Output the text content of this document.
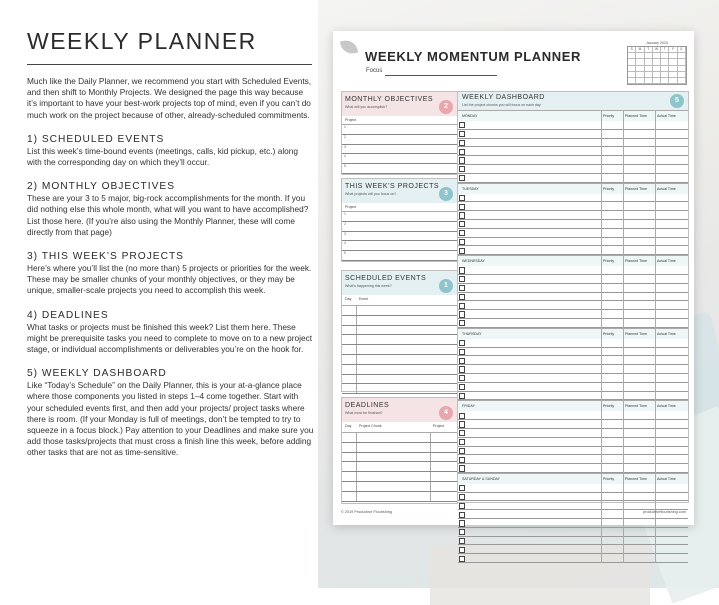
WEEKLY PLANNER

Much like the Daily Planner, we recommend you start with Scheduled Events, and then shift to Monthly Projects. We designed the page this way because it’s important to have your best-work projects top of mind, even if you can’t do much work on the project because of other, already-scheduled commitments.

1) SCHEDULED EVENTS

List this week’s time-bound events (meetings, calls, kid pickup, etc.) along with the corresponding day on which they’ll occur.

2) MONTHLY OBJECTIVES

These are your 3 to 5 major, big-rock accomplishments for the month. If you did nothing else this whole month, what will you want to have accomplished? List those here. (If you’re also using the Monthly Planner, these will come directly from that page)

3) THIS WEEK’S PROJECTS

Here’s where you’ll list the (no more than) 5 projects or priorities for the week. These may be smaller chunks of your monthly objectives, or they may be unique, smaller-scale projects you need to accomplish this week.

4) DEADLINES

What tasks or projects must be finished this week? List them here. These might be prerequisite tasks you need to complete to move on to a new project stage, or individual accomplishments or deliverables you’re on the hook for.

5) WEEKLY DASHBOARD

Like “Today’s Schedule” on the Daily Planner, this is your at-a-glance place where those components you listed in steps 1–4 come together. Start with your scheduled events first, and then add your projects/ project tasks where there is room. (If your Monday is full of meetings, don’t be tempted to try to squeeze in a focus block.) Pay attention to your Deadlines and make sure you add those tasks/projects that must cross a finish line this week, before adding other tasks that are not as time-sensitive.

WEEKLY MOMENTUM PLANNER
Focus
January 2024
S	M	T	W	T	F	S
MONTHLY OBJECTIVES
What will you accomplish?	2
Project
1
2
3
4
5
THIS WEEK’S PROJECTS
What projects will you focus on?	3
Project
1
2
3
4
5
SCHEDULED EVENTS
What’s happening this week?	1
Day Event
DEADLINES
What must be finished?	4
Day Project Chunk	Project
WEEKLY DASHBOARD
List the project chunks you will focus on each day
5
MONDAY	Priority	Planned Time	Actual Time
TUESDAY	Priority	Planned Time	Actual Time
WEDNESDAY	Priority	Planned Time	Actual Time
THURSDAY	Priority	Planned Time	Actual Time
FRIDAY	Priority	Planned Time	Actual Time
SATURDAY & SUNDAY	Priority	Planned Time	Actual Time
© 2019 Productive Flourishing	productiveflourishing.com
